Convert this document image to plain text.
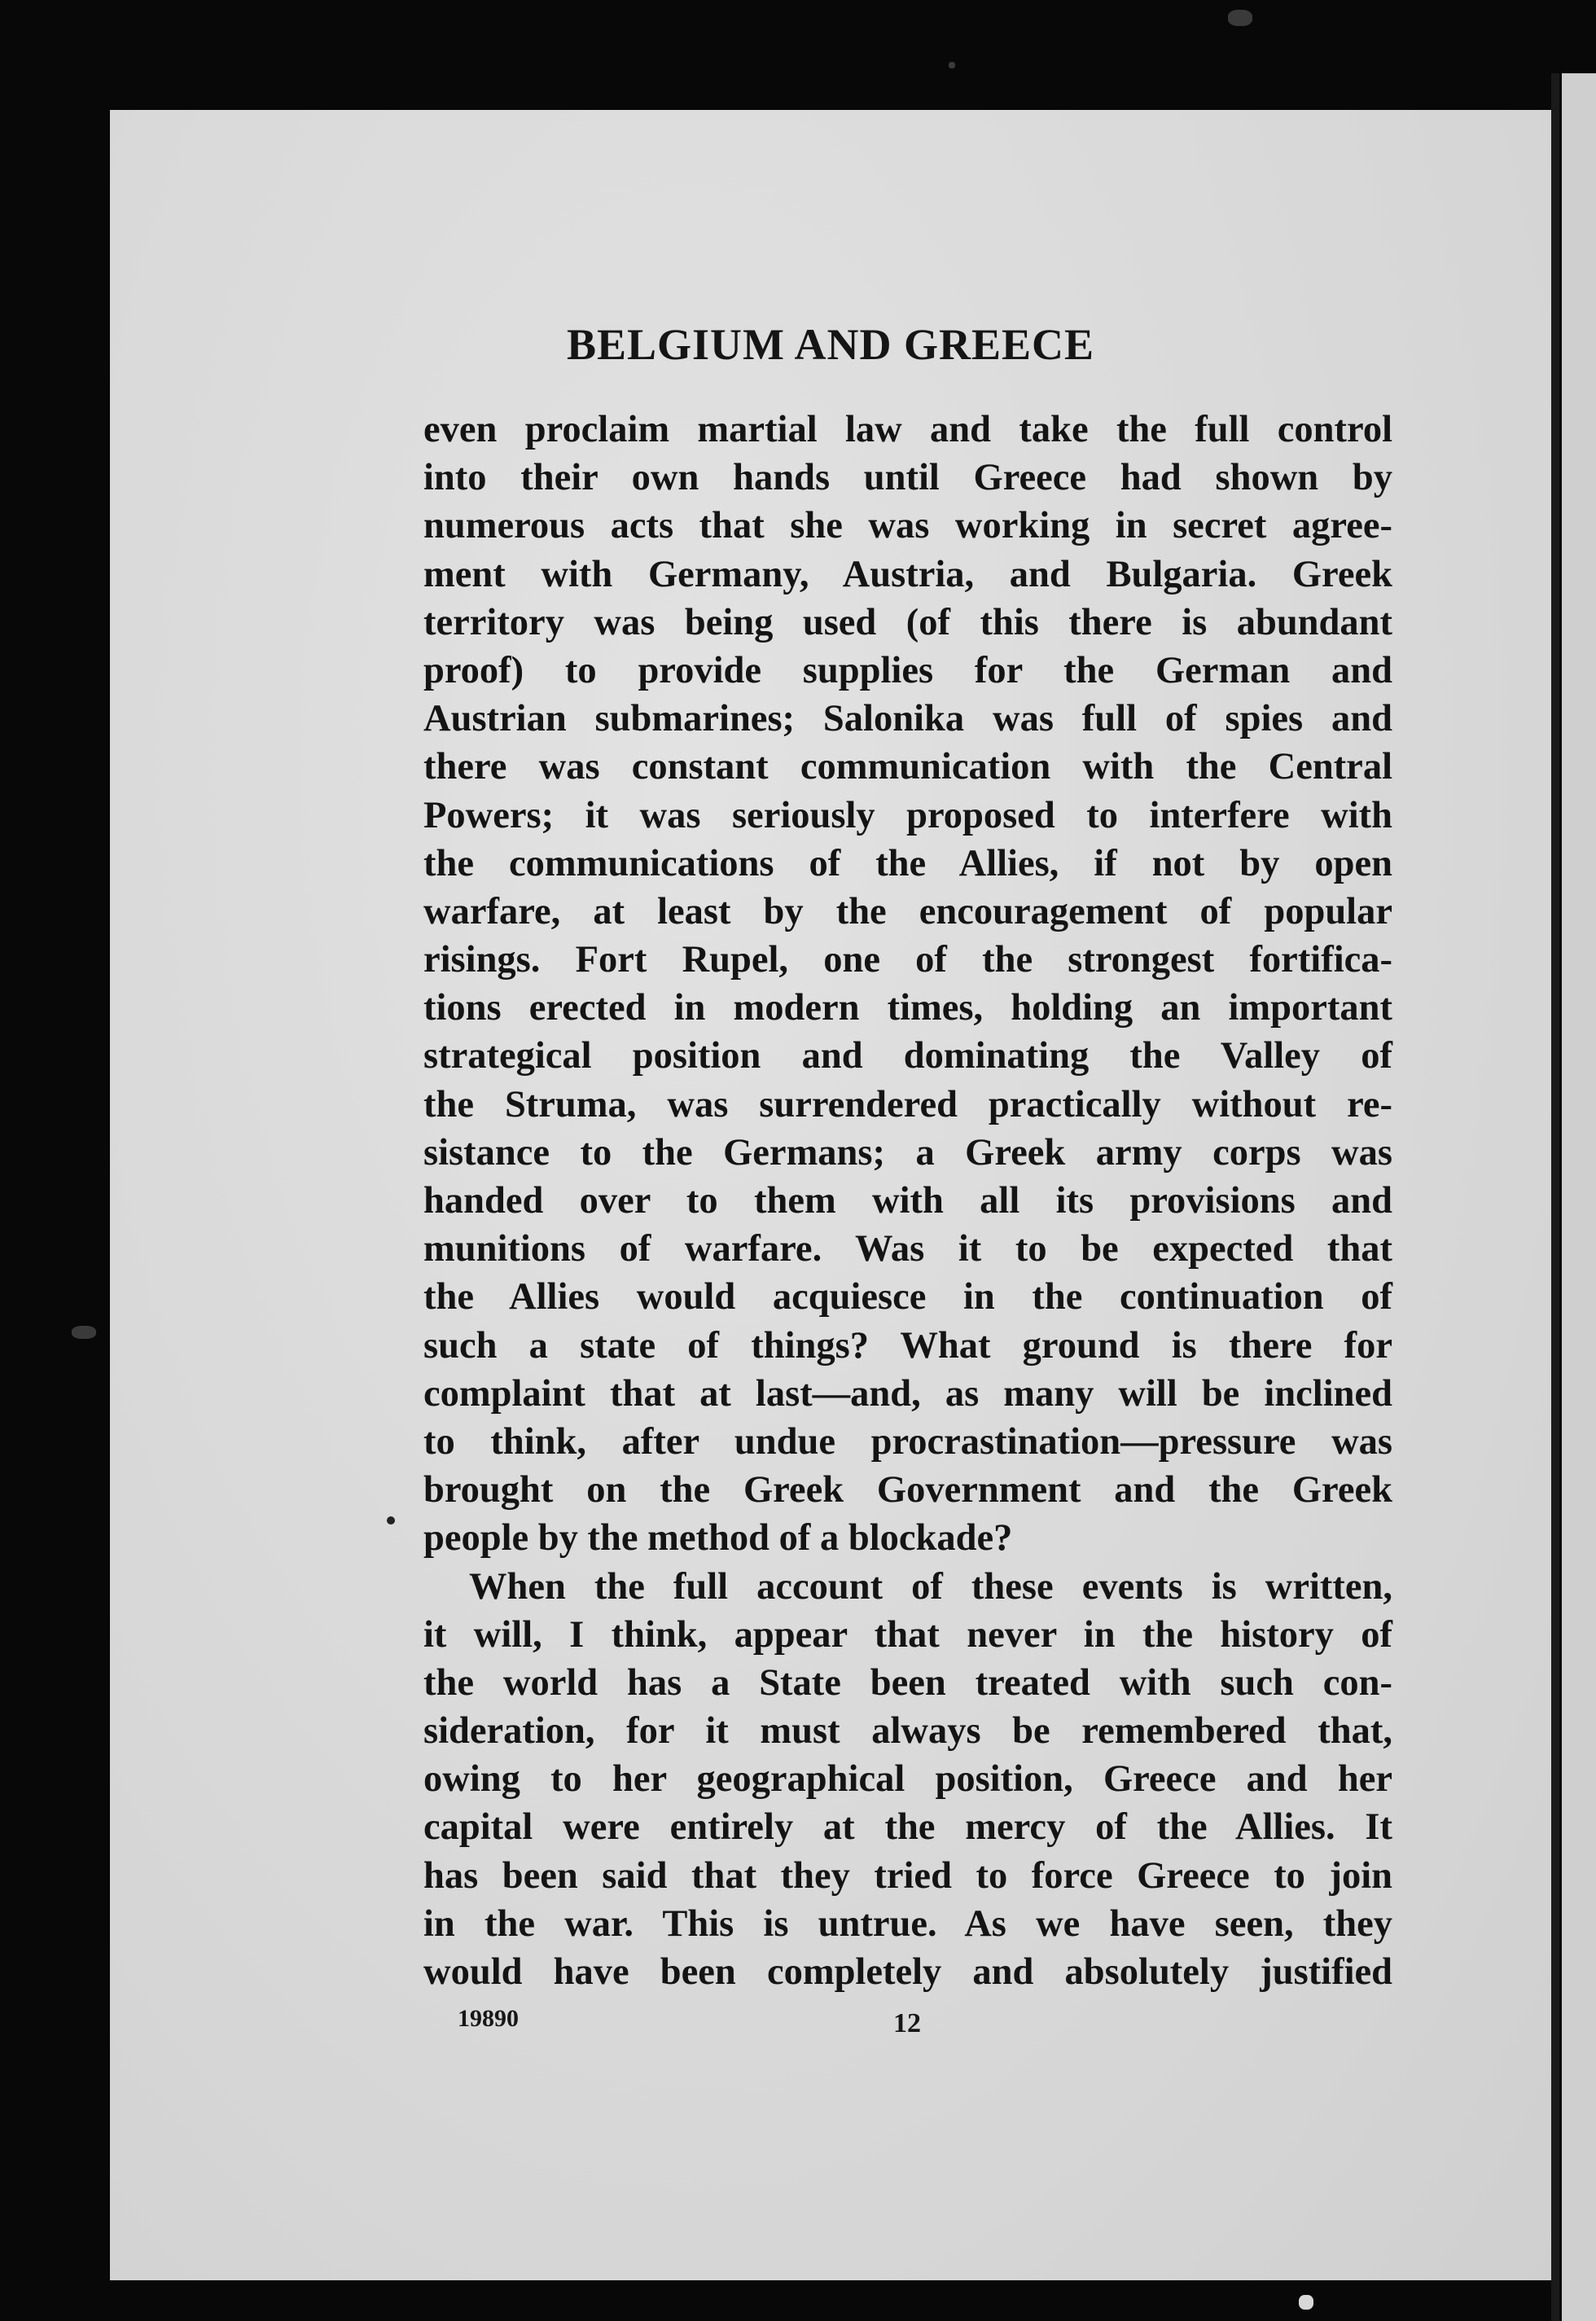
BELGIUM AND GREECE
even proclaim martial law and take the full control
into their own hands until Greece had shown by
numerous acts that she was working in secret agree-
ment with Germany, Austria, and Bulgaria. Greek
territory was being used (of this there is abundant
proof) to provide supplies for the German and
Austrian submarines; Salonika was full of spies and
there was constant communication with the Central
Powers; it was seriously proposed to interfere with
the communications of the Allies, if not by open
warfare, at least by the encouragement of popular
risings. Fort Rupel, one of the strongest fortifica-
tions erected in modern times, holding an important
strategical position and dominating the Valley of
the Struma, was surrendered practically without re-
sistance to the Germans; a Greek army corps was
handed over to them with all its provisions and
munitions of warfare. Was it to be expected that
the Allies would acquiesce in the continuation of
such a state of things? What ground is there for
complaint that at last—and, as many will be inclined
to think, after undue procrastination—pressure was
brought on the Greek Government and the Greek
people by the method of a blockade?
When the full account of these events is written,
it will, I think, appear that never in the history of
the world has a State been treated with such con-
sideration, for it must always be remembered that,
owing to her geographical position, Greece and her
capital were entirely at the mercy of the Allies. It
has been said that they tried to force Greece to join
in the war. This is untrue. As we have seen, they
would have been completely and absolutely justified
19890	12
